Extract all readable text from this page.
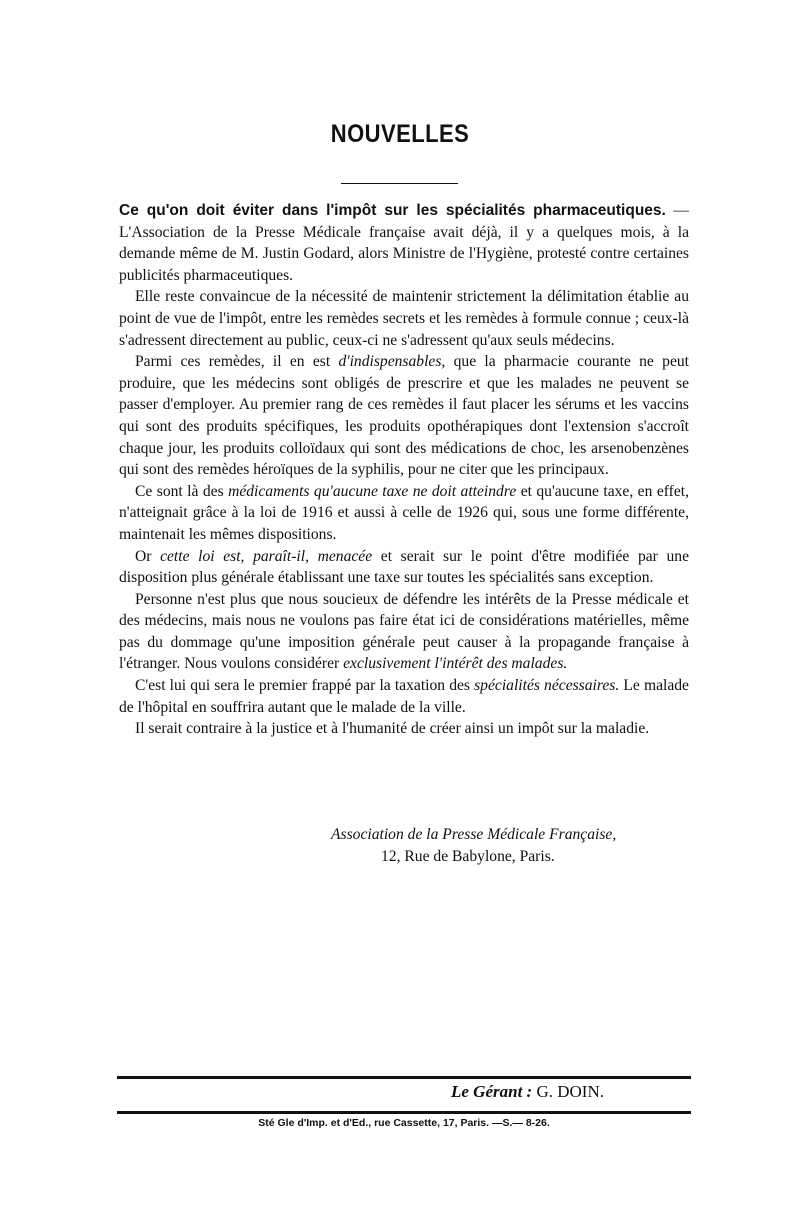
NOUVELLES

Ce qu'on doit éviter dans l'impôt sur les spécialités pharmaceutiques. — L'Association de la Presse Médicale française avait déjà, il y a quelques mois, à la demande même de M. Justin Godard, alors Ministre de l'Hygiène, protesté contre certaines publicités pharmaceutiques.

Elle reste convaincue de la nécessité de maintenir strictement la délimitation établie au point de vue de l'impôt, entre les remèdes secrets et les remèdes à formule connue ; ceux-là s'adressent directement au public, ceux-ci ne s'adressent qu'aux seuls médecins.

Parmi ces remèdes, il en est d'indispensables, que la pharmacie courante ne peut produire, que les médecins sont obligés de prescrire et que les malades ne peuvent se passer d'employer. Au premier rang de ces remèdes il faut placer les sérums et les vaccins qui sont des produits spécifiques, les produits opothérapiques dont l'extension s'accroît chaque jour, les produits colloïdaux qui sont des médications de choc, les arsenobenzènes qui sont des remèdes héroïques de la syphilis, pour ne citer que les principaux.

Ce sont là des médicaments qu'aucune taxe ne doit atteindre et qu'aucune taxe, en effet, n'atteignait grâce à la loi de 1916 et aussi à celle de 1926 qui, sous une forme différente, maintenait les mêmes dispositions.

Or cette loi est, paraît-il, menacée et serait sur le point d'être modifiée par une disposition plus générale établissant une taxe sur toutes les spécialités sans exception.

Personne n'est plus que nous soucieux de défendre les intérêts de la Presse médicale et des médecins, mais nous ne voulons pas faire état ici de considérations matérielles, même pas du dommage qu'une imposition générale peut causer à la propagande française à l'étranger. Nous voulons considérer exclusivement l'intérêt des malades.

C'est lui qui sera le premier frappé par la taxation des spécialités nécessaires. Le malade de l'hôpital en souffrira autant que le malade de la ville.

Il serait contraire à la justice et à l'humanité de créer ainsi un impôt sur la maladie.

Association de la Presse Médicale Française,
12, Rue de Babylone, Paris.
Le Gérant : G. DOIN.
Sté Gle d'Imp. et d'Ed., rue Cassette, 17, Paris. —S.— 8-26.
